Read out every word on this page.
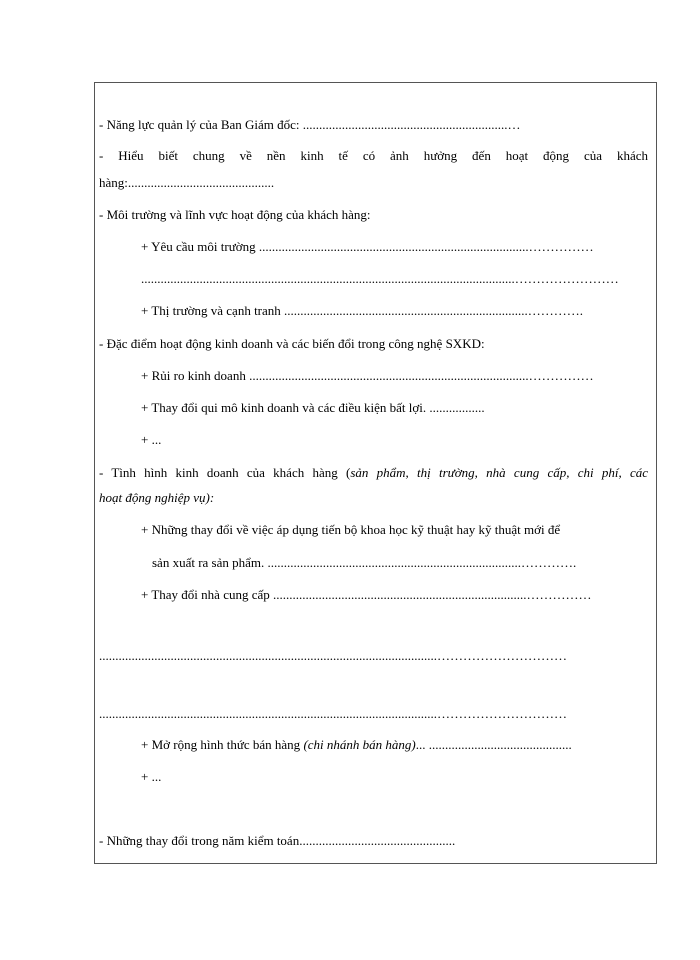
- Năng lực quản lý của Ban Giám đốc: ...............................................................…
- Hiểu biết chung về nền kinh tế có ảnh hưởng đến hoạt động của khách
hàng:.............................................
- Môi trường và lĩnh vực hoạt động của khách hàng:
+ Yêu cầu môi trường ...................................................................................……………
...................................................................................................................……………………
+ Thị trường và cạnh tranh ...........................................................................………….
- Đặc điểm hoạt động kinh doanh và các biến đổi trong công nghệ SXKD:
+ Rủi ro kinh doanh ......................................................................................……………
+ Thay đổi qui mô kinh doanh và các điều kiện bất lợi. .................
+ ...
- Tình hình kinh doanh của khách hàng (sản phẩm, thị trường, nhà cung cấp, chi phí, các
hoạt động nghiệp vụ):
+ Những thay đổi về việc áp dụng tiến bộ khoa học kỹ thuật hay kỹ thuật mới để
sản xuất ra sản phẩm. ..............................................................................………….
+ Thay đổi nhà cung cấp ..............................................................................……………
........................................................................................................…………………………
........................................................................................................…………………………
+ Mở rộng hình thức bán hàng (chi nhánh bán hàng)... ............................................
+ ...
- Những thay đổi trong năm kiểm toán................................................
